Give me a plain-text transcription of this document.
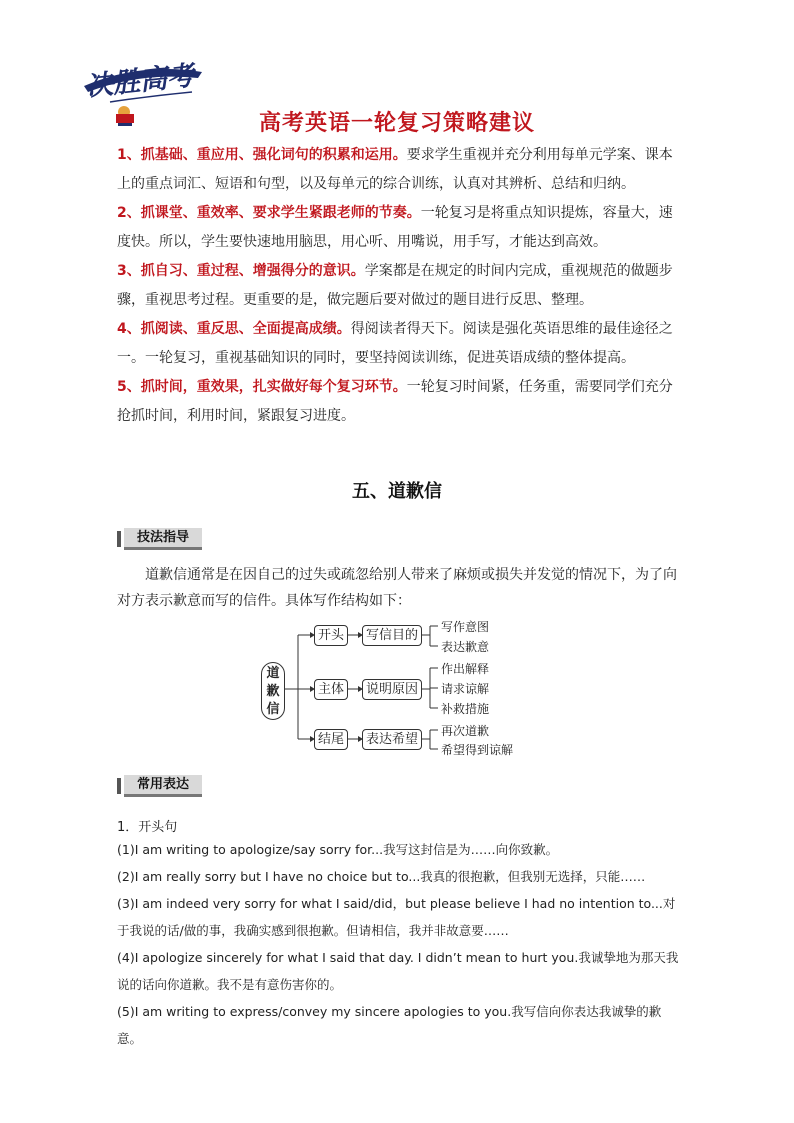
决胜高考
高考英语一轮复习策略建议

1、抓基础、重应用、强化词句的积累和运用。要求学生重视并充分利用每单元学案、课本上的重点词汇、短语和句型，以及每单元的综合训练，认真对其辨析、总结和归纳。

2、抓课堂、重效率、要求学生紧跟老师的节奏。一轮复习是将重点知识提炼，容量大，速度快。所以，学生要快速地用脑思，用心听、用嘴说，用手写，才能达到高效。

3、抓自习、重过程、增强得分的意识。学案都是在规定的时间内完成，重视规范的做题步骤，重视思考过程。更重要的是，做完题后要对做过的题目进行反思、整理。

4、抓阅读、重反思、全面提高成绩。得阅读者得天下。阅读是强化英语思维的最佳途径之一。一轮复习，重视基础知识的同时，要坚持阅读训练，促进英语成绩的整体提高。

5、抓时间，重效果，扎实做好每个复习环节。一轮复习时间紧，任务重，需要同学们充分抢抓时间，利用时间，紧跟复习进度。

五、道歉信
技法指导

道歉信通常是在因自己的过失或疏忽给别人带来了麻烦或损失并发觉的情况下，为了向对方表示歉意而写的信件。具体写作结构如下：

道歉信
开头
主体
结尾
写信目的
说明原因
表达希望
写作意图
表达歉意
作出解释
请求谅解
补救措施
再次道歉
希望得到谅解
常用表达
1．开头句

(1)I am writing to apologize/say sorry for...我写这封信是为……向你致歉。

(2)I am really sorry but I have no choice but to...我真的很抱歉，但我别无选择，只能……

(3)I am indeed very sorry for what I said/did，but please believe I had no intention to...对于我说的话/做的事，我确实感到很抱歉。但请相信，我并非故意要……

(4)I apologize sincerely for what I said that day. I didn’t mean to hurt you.我诚挚地为那天我说的话向你道歉。我不是有意伤害你的。

(5)I am writing to express/convey my sincere apologies to you.我写信向你表达我诚挚的歉意。
